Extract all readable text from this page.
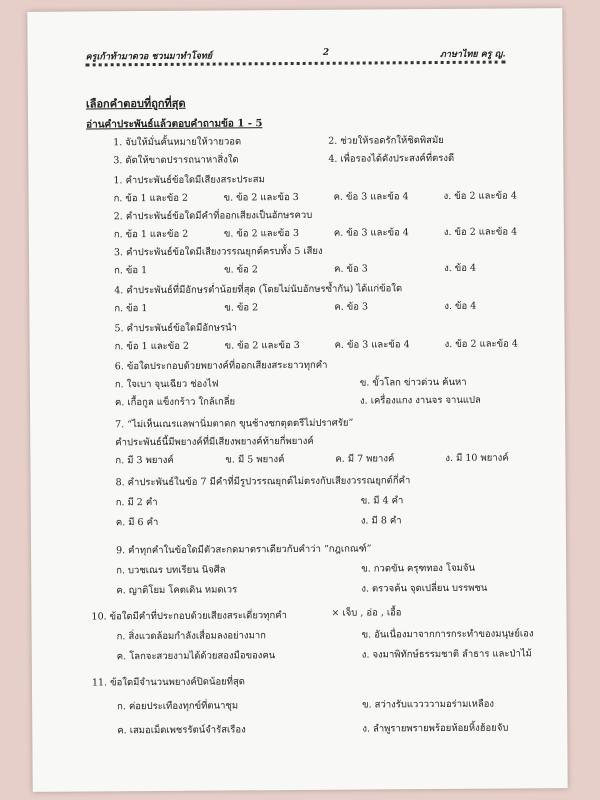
ครูเก้าท้ามาดวอ ชวนมาทำโจทย์	2	ภาษาไทย ครู ญ.
เลือกคำตอบที่ถูกที่สุด
อ่านคำประพันธ์แล้วตอบคำถามข้อ 1 - 5
1. จับให้มั่นคั้นหมายให้วายวอด	2. ช่วยให้รอดรักให้ชิดพิสมัย
3. ตัดให้ขาดปรารถนาหาสิ่งใด	4. เพื่อรองได้ดังประสงค์ที่ตรงดี
1. คำประพันธ์ข้อใดมีเสียงสระประสม
ก. ข้อ 1 และข้อ 2	ข. ข้อ 2 และข้อ 3	ค. ข้อ 3 และข้อ 4	ง. ข้อ 2 และข้อ 4
2. คำประพันธ์ข้อใดมีคำที่ออกเสียงเป็นอักษรควบ
ก. ข้อ 1 และข้อ 2	ข. ข้อ 2 และข้อ 3	ค. ข้อ 3 และข้อ 4	ง. ข้อ 2 และข้อ 4
3. คำประพันธ์ข้อใดมีเสียงวรรณยุกต์ครบทั้ง 5 เสียง
ก. ข้อ 1	ข. ข้อ 2	ค. ข้อ 3	ง. ข้อ 4
4. คำประพันธ์ที่มีอักษรต่ำน้อยที่สุด (โดยไม่นับอักษรซ้ำกัน) ได้แก่ข้อใด
ก. ข้อ 1	ข. ข้อ 2	ค. ข้อ 3	ง. ข้อ 4
5. คำประพันธ์ข้อใดมีอักษรนำ
ก. ข้อ 1 และข้อ 2	ข. ข้อ 2 และข้อ 3	ค. ข้อ 3 และข้อ 4	ง. ข้อ 2 และข้อ 4
6. ข้อใดประกอบด้วยพยางค์ที่ออกเสียงสระยาวทุกคำ
ก. ใจเบา จุนเฉียว ช่องไฟ	ข. ขั้วโลก ข่าวด่วน ค้นหา
ค. เกื้อกูล แข็งกร้าว ใกล้เกลี่ย	ง. เครื่องแกง งานจร จานแปล
7. “ไม่เห็นเณรแลพานิ่มตาดก ขุนช้างชกตุดตรีไม่ปราศรัย”
คำประพันธ์นี้มีพยางค์ที่มีเสียงพยางค์ท้ายกี่พยางค์
ก. มี 3 พยางค์	ข. มี 5 พยางค์	ค. มี 7 พยางค์	ง. มี 10 พยางค์
8. คำประพันธ์ในข้อ 7 มีคำที่มีรูปวรรณยุกต์ไม่ตรงกับเสียงวรรณยุกต์กี่คำ
ก. มี 2 คำ	ข. มี 4 คำ
ค. มี 6 คำ	ง. มี 8 คำ
9. คำทุกคำในข้อใดมีตัวสะกดมาตราเดียวกับคำว่า “กฎเกณฑ์”
ก. บวชเณร บทเรียน นิจศีล	ข. กวดขัน ครุฑทอง โจมจัน
ค. ญาติโยม โคตเดิน หมดเวร	ง. ตรวจค้น จุดเปลี่ยน บรรพชน
10. ข้อใดมีคำที่ประกอบด้วยเสียงสระเดี่ยวทุกคำ	× เจ็บ , อ่อ , เอื้อ
ก. สิ่งแวดล้อมกำลังเสื่อมลงอย่างมาก	ข. อันเนื่องมาจากการกระทำของมนุษย์เอง
ค. โลกจะสวยงามได้ด้วยสองมือของคน	ง. จงมาพิทักษ์ธรรมชาติ ลำธาร และป่าไม้
11. ข้อใดมีจำนวนพยางค์ปิดน้อยที่สุด
ก. ค่อยประเทืองทุกข์ที่ตนาชุม	ข. สว่างรับแววววามอร่ามเหลือง
ค. เสมอเม็ดเพชรรัตน์จำรัสเรือง	ง. ลำพูรายพรายพร้อยห้อยหิ้งฮ้อยจับ
